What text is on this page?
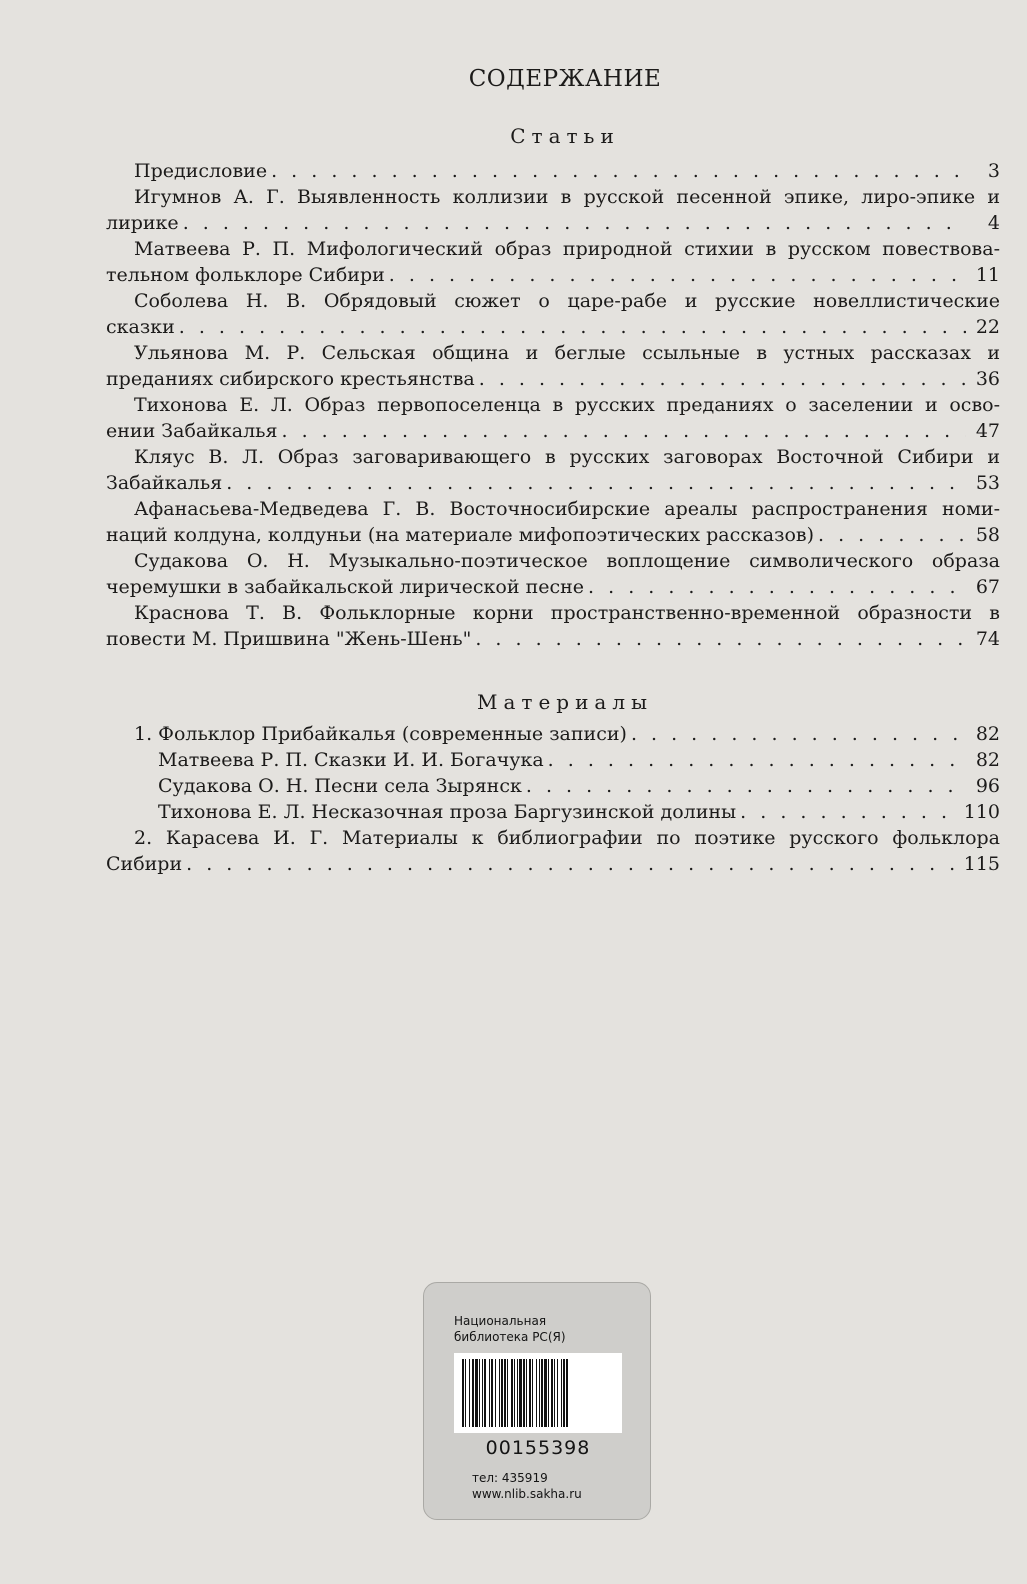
СОДЕРЖАНИЕ
Статьи
Предисловие . . .	3
Игумнов А. Г. Выявленность коллизии в русской песенной эпике, лиро-эпике и
лирике . . .	4
Матвеева Р. П. Мифологический образ природной стихии в русском повествова-
тельном фольклоре Сибири . . .	11
Соболева Н. В. Обрядовый сюжет о царе-рабе и русские новеллистические
сказки . . .	22
Ульянова М. Р. Сельская община и беглые ссыльные в устных рассказах и
преданиях сибирского крестьянства . . .	36
Тихонова Е. Л. Образ первопоселенца в русских преданиях о заселении и осво-
ении Забайкалья . . .	47
Кляус В. Л. Образ заговаривающего в русских заговорах Восточной Сибири и
Забайкалья . . .	53
Афанасьева-Медведева Г. В. Восточносибирские ареалы распространения номи-
наций колдуна, колдуньи (на материале мифопоэтических рассказов) . . .	58
Судакова О. Н. Музыкально-поэтическое воплощение символического образа
черемушки в забайкальской лирической песне . . .	67
Краснова Т. В. Фольклорные корни пространственно-временной образности в
повести М. Пришвина "Жень-Шень" . . .	74
Материалы
1. Фольклор Прибайкалья (современные записи) . . .	82
Матвеева Р. П. Сказки И. И. Богачука . . .	82
Судакова О. Н. Песни села Зырянск . . .	96
Тихонова Е. Л. Несказочная проза Баргузинской долины . . .	110
2. Карасева И. Г. Материалы к библиографии по поэтике русского фольклора
Сибири . . .	115
Национальная
библиотека РС(Я)
00155398
тел: 435919
www.nlib.sakha.ru
